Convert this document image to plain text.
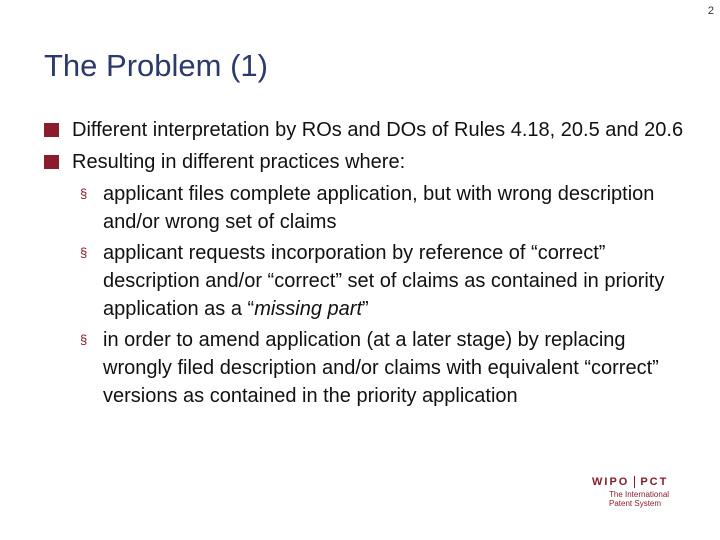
2
The Problem (1)
Different interpretation by ROs and DOs of Rules 4.18, 20.5 and 20.6
Resulting in different practices where:
§ applicant files complete application, but with wrong description and/or wrong set of claims
§ applicant requests incorporation by reference of “correct” description and/or “correct” set of claims as contained in priority application as a “missing part”
§ in order to amend application (at a later stage) by replacing wrongly filed description and/or claims with equivalent “correct” versions as contained in the priority application
WIPO PCT
The International
Patent System
